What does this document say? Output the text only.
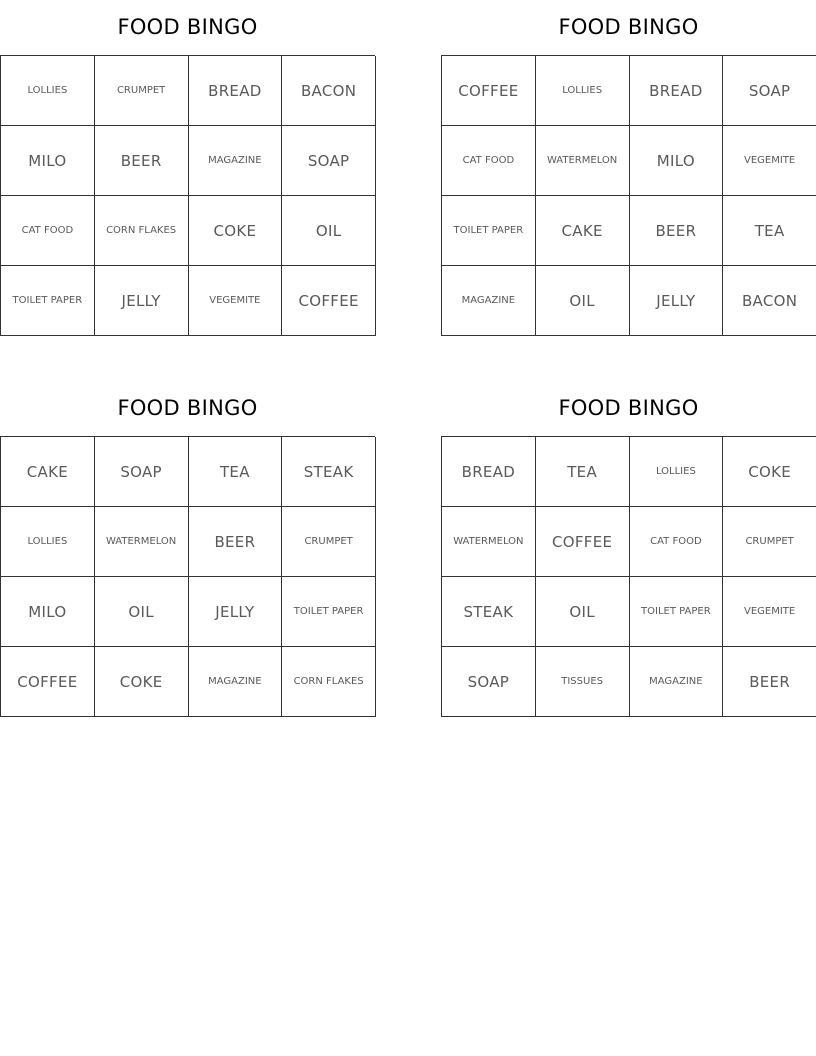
FOOD BINGO
LOLLIES	CRUMPET	BREAD	BACON
MILO	BEER	MAGAZINE	SOAP
CAT FOOD	CORN FLAKES	COKE	OIL
TOILET PAPER	JELLY	VEGEMITE	COFFEE
FOOD BINGO
COFFEE	LOLLIES	BREAD	SOAP
CAT FOOD	WATERMELON	MILO	VEGEMITE
TOILET PAPER	CAKE	BEER	TEA
MAGAZINE	OIL	JELLY	BACON
FOOD BINGO
CAKE	SOAP	TEA	STEAK
LOLLIES	WATERMELON	BEER	CRUMPET
MILO	OIL	JELLY	TOILET PAPER
COFFEE	COKE	MAGAZINE	CORN FLAKES
FOOD BINGO
BREAD	TEA	LOLLIES	COKE
WATERMELON	COFFEE	CAT FOOD	CRUMPET
STEAK	OIL	TOILET PAPER	VEGEMITE
SOAP	TISSUES	MAGAZINE	BEER
